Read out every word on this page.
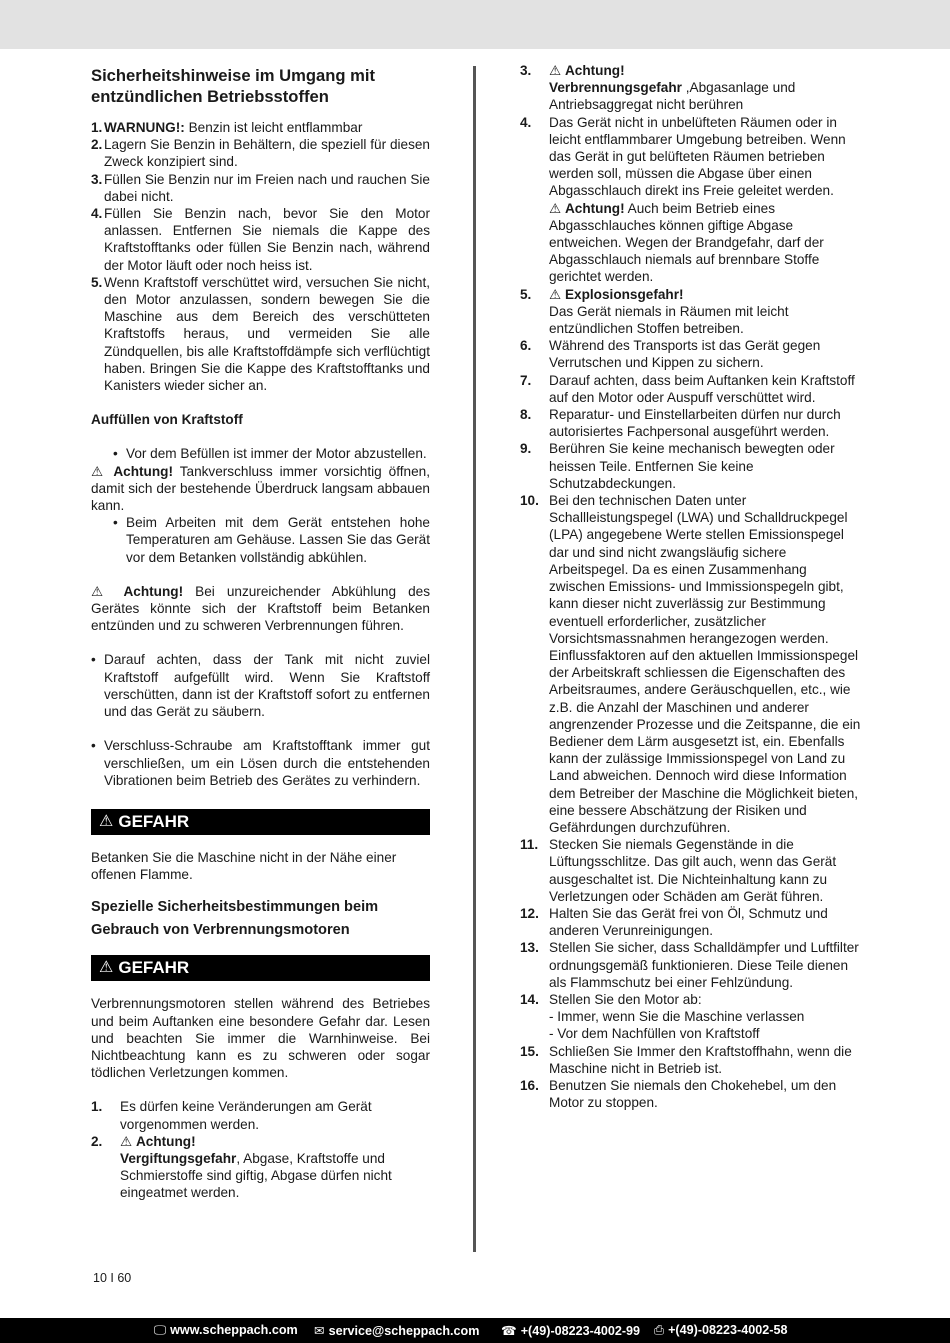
Sicherheitshinweise im Umgang mit entzündlichen Betriebsstoffen
1. WARNUNG!: Benzin ist leicht entflammbar
2. Lagern Sie Benzin in Behältern, die speziell für diesen Zweck konzipiert sind.
3. Füllen Sie Benzin nur im Freien nach und rauchen Sie dabei nicht.
4. Füllen Sie Benzin nach, bevor Sie den Motor anlassen. Entfernen Sie niemals die Kappe des Kraftstofftanks oder füllen Sie Benzin nach, während der Motor läuft oder noch heiss ist.
5. Wenn Kraftstoff verschüttet wird, versuchen Sie nicht, den Motor anzulassen, sondern bewegen Sie die Maschine aus dem Bereich des verschütteten Kraftstoffs heraus, und vermeiden Sie alle Zündquellen, bis alle Kraftstoffdämpfe sich verflüchtigt haben. Bringen Sie die Kappe des Kraftstofftanks und Kanisters wieder sicher an.
Auffüllen von Kraftstoff
• Vor dem Befüllen ist immer der Motor abzustellen.

⚠ Achtung! Tankverschluss immer vorsichtig öffnen, damit sich der bestehende Überdruck langsam abbauen kann.

• Beim Arbeiten mit dem Gerät entstehen hohe Temperaturen am Gehäuse. Lassen Sie das Gerät vor dem Betanken vollständig abkühlen.

⚠ Achtung! Bei unzureichender Abkühlung des Gerätes könnte sich der Kraftstoff beim Betanken entzünden und zu schweren Verbrennungen führen.

• Darauf achten, dass der Tank mit nicht zuviel Kraftstoff aufgefüllt wird. Wenn Sie Kraftstoff verschütten, dann ist der Kraftstoff sofort zu entfernen und das Gerät zu säubern.
• Verschluss-Schraube am Kraftstofftank immer gut verschließen, um ein Lösen durch die entstehenden Vibrationen beim Betrieb des Gerätes zu verhindern.
⚠ GEFAHR

Betanken Sie die Maschine nicht in der Nähe einer offenen Flamme.

Spezielle Sicherheitsbestimmungen beim Gebrauch von Verbrennungsmotoren
⚠ GEFAHR

Verbrennungsmotoren stellen während des Betriebes und beim Auftanken eine besondere Gefahr dar. Lesen und beachten Sie immer die Warnhinweise. Bei Nichtbeachtung kann es zu schweren oder sogar tödlichen Verletzungen kommen.

1.	Es dürfen keine Veränderungen am Gerät vorgenommen werden.
2.	⚠ Achtung!
Vergiftungsgefahr, Abgase, Kraftstoffe und Schmierstoffe sind giftig, Abgase dürfen nicht eingeatmet werden.
3.	⚠ Achtung!
Verbrennungsgefahr ,Abgasanlage und Antriebsaggregat nicht berühren
4.	Das Gerät nicht in unbelüfteten Räumen oder in leicht entflammbarer Umgebung betreiben. Wenn das Gerät in gut belüfteten Räumen betrieben werden soll, müssen die Abgase über einen Abgasschlauch direkt ins Freie geleitet werden.
⚠ Achtung! Auch beim Betrieb eines Abgasschlauches können giftige Abgase entweichen. Wegen der Brandgefahr, darf der Abgasschlauch niemals auf brennbare Stoffe gerichtet werden.
5.	⚠ Explosionsgefahr!
Das Gerät niemals in Räumen mit leicht entzündlichen Stoffen betreiben.
6.	Während des Transports ist das Gerät gegen Verrutschen und Kippen zu sichern.
7.	Darauf achten, dass beim Auftanken kein Kraftstoff auf den Motor oder Auspuff verschüttet wird.
8.	Reparatur- und Einstellarbeiten dürfen nur durch autorisiertes Fachpersonal ausgeführt werden.
9.	Berühren Sie keine mechanisch bewegten oder heissen Teile. Entfernen Sie keine Schutzabdeckungen.
10. Bei den technischen Daten unter Schallleistungspegel (LWA) und Schalldruckpegel (LPA) angegebene Werte stellen Emissionspegel dar und sind nicht zwangsläufig sichere Arbeitspegel. Da es einen Zusammenhang zwischen Emissions- und Immissionspegeln gibt, kann dieser nicht zuverlässig zur Bestimmung eventuell erforderlicher, zusätzlicher Vorsichtsmassnahmen herangezogen werden. Einflussfaktoren auf den aktuellen Immissionspegel der Arbeitskraft schliessen die Eigenschaften des Arbeitsraumes, andere Geräuschquellen, etc., wie z.B. die Anzahl der Maschinen und anderer angrenzender Prozesse und die Zeitspanne, die ein Bediener dem Lärm ausgesetzt ist, ein. Ebenfalls kann der zulässige Immissionspegel von Land zu Land abweichen. Dennoch wird diese Information dem Betreiber der Maschine die Möglichkeit bieten, eine bessere Abschätzung der Risiken und Gefährdungen durchzuführen.
11. Stecken Sie niemals Gegenstände in die Lüftungsschlitze. Das gilt auch, wenn das Gerät ausgeschaltet ist. Die Nichteinhaltung kann zu Verletzungen oder Schäden am Gerät führen.
12. Halten Sie das Gerät frei von Öl, Schmutz und anderen Verunreinigungen.
13. Stellen Sie sicher, dass Schalldämpfer und Luftfilter ordnungsgemäß funktionieren. Diese Teile dienen als Flammschutz bei einer Fehlzündung.
14. Stellen Sie den Motor ab:
- Immer, wenn Sie die Maschine verlassen
- Vor dem Nachfüllen von Kraftstoff
15. Schließen Sie Immer den Kraftstoffhahn, wenn die Maschine nicht in Betrieb ist.
16. Benutzen Sie niemals den Chokehebel, um den Motor zu stoppen.
10 I 60
🖵 www.scheppach.com ✉ service@scheppach.com ☎ +(49)-08223-4002-99 ⎙ +(49)-08223-4002-58
